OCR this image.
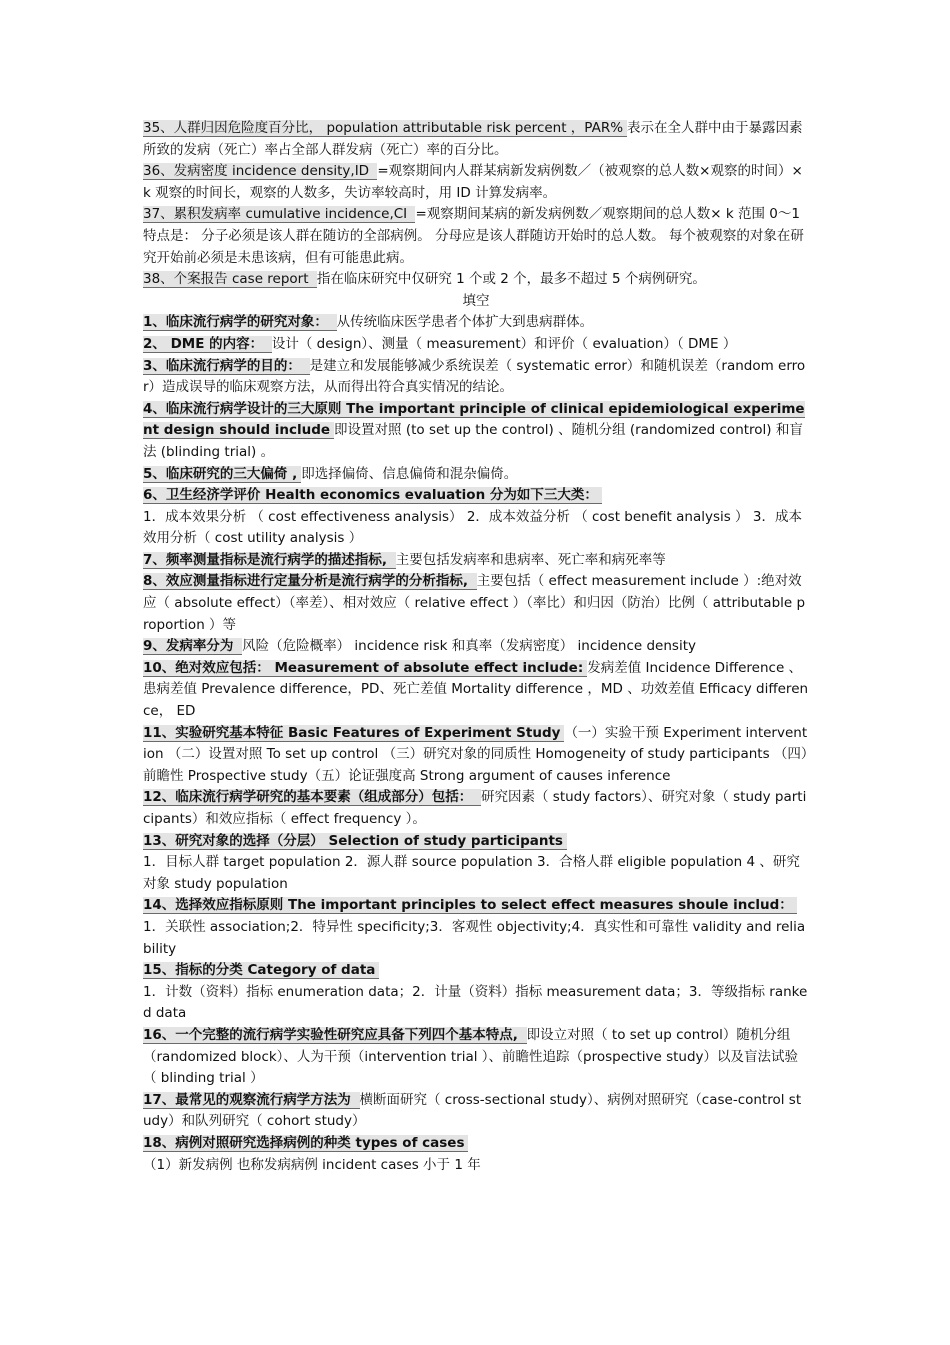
35、人群归因危险度百分比， population attributable risk percent ，PAR% 表示在全人群中由于暴露因素所致的发病（死亡）率占全部人群发病（死亡）率的百分比。

36、发病密度 incidence density,ID =观察期间内人群某病新发病例数／（被观察的总人数×观察的时间）× k 观察的时间长，观察的人数多，失访率较高时，用 ID 计算发病率。

37、累积发病率 cumulative incidence,CI =观察期间某病的新发病例数／观察期间的总人数× k 范围 0～1

特点是： 分子必须是该人群在随访的全部病例。 分母应是该人群随访开始时的总人数。 每个被观察的对象在研究开始前必须是未患该病，但有可能患此病。

38、个案报告 case report 指在临床研究中仅研究 1 个或 2 个，最多不超过 5 个病例研究。

填空

1、临床流行病学的研究对象： 从传统临床医学患者个体扩大到患病群体。

2、 DME 的内容： 设计（ design）、测量（ measurement）和评价（ evaluation）（ DME ）

3、临床流行病学的目的： 是建立和发展能够减少系统误差（ systematic error）和随机误差（random error）造成误导的临床观察方法，从而得出符合真实情况的结论。

4、临床流行病学设计的三大原则 The important principle of clinical epidemiological experiment design should include 即设置对照 (to set up the control) 、随机分组 (randomized control) 和盲法 (blinding trial) 。

5、临床研究的三大偏倚 , 即选择偏倚、信息偏倚和混杂偏倚。

6、卫生经济学评价 Health economics evaluation 分为如下三大类：

1．成本效果分析 （ cost effectiveness analysis） 2．成本效益分析 （ cost benefit analysis ） 3．成本效用分析（ cost utility analysis ）

7、频率测量指标是流行病学的描述指标, 主要包括发病率和患病率、死亡率和病死率等

8、效应测量指标进行定量分析是流行病学的分析指标, 主要包括（ effect measurement include ）:绝对效应（ absolute effect）（率差）、相对效应（ relative effect ）（率比）和归因（防治）比例（ attributable proportion ）等

9、发病率分为 风险（危险概率） incidence risk 和真率（发病密度） incidence density

10、绝对效应包括： Measurement of absolute effect include: 发病差值 Incidence Difference 、患病差值 Prevalence difference，PD、死亡差值 Mortality difference ，MD 、功效差值 Efficacy difference， ED

11、实验研究基本特征 Basic Features of Experiment Study （一）实验干预 Experiment intervention （二）设置对照 To set up control （三）研究对象的同质性 Homogeneity of study participants （四）前瞻性 Prospective study（五）论证强度高 Strong argument of causes inference

12、临床流行病学研究的基本要素（组成部分）包括： 研究因素（ study factors）、研究对象（ study participants）和效应指标（ effect frequency ）。

13、研究对象的选择（分层） Selection of study participants

1．目标人群 target population 2．源人群 source population 3．合格人群 eligible population 4 、研究对象 study population

14、选择效应指标原则 The important principles to select effect measures shoule includ：

1．关联性 association;2．特异性 specificity;3．客观性 objectivity;4．真实性和可靠性 validity and reliability

15、指标的分类 Category of data

1．计数（资料）指标 enumeration data；2．计量（资料）指标 measurement data；3．等级指标 ranked data

16、一个完整的流行病学实验性研究应具备下列四个基本特点, 即设立对照（ to set up control）随机分组（randomized block）、人为干预（intervention trial ）、前瞻性追踪（prospective study）以及盲法试验（ blinding trial ）

17、最常见的观察流行病学方法为 横断面研究（ cross-sectional study）、病例对照研究（case-control study）和队列研究（ cohort study）

18、病例对照研究选择病例的种类 types of cases

（1）新发病例 也称发病病例 incident cases 小于 1 年
